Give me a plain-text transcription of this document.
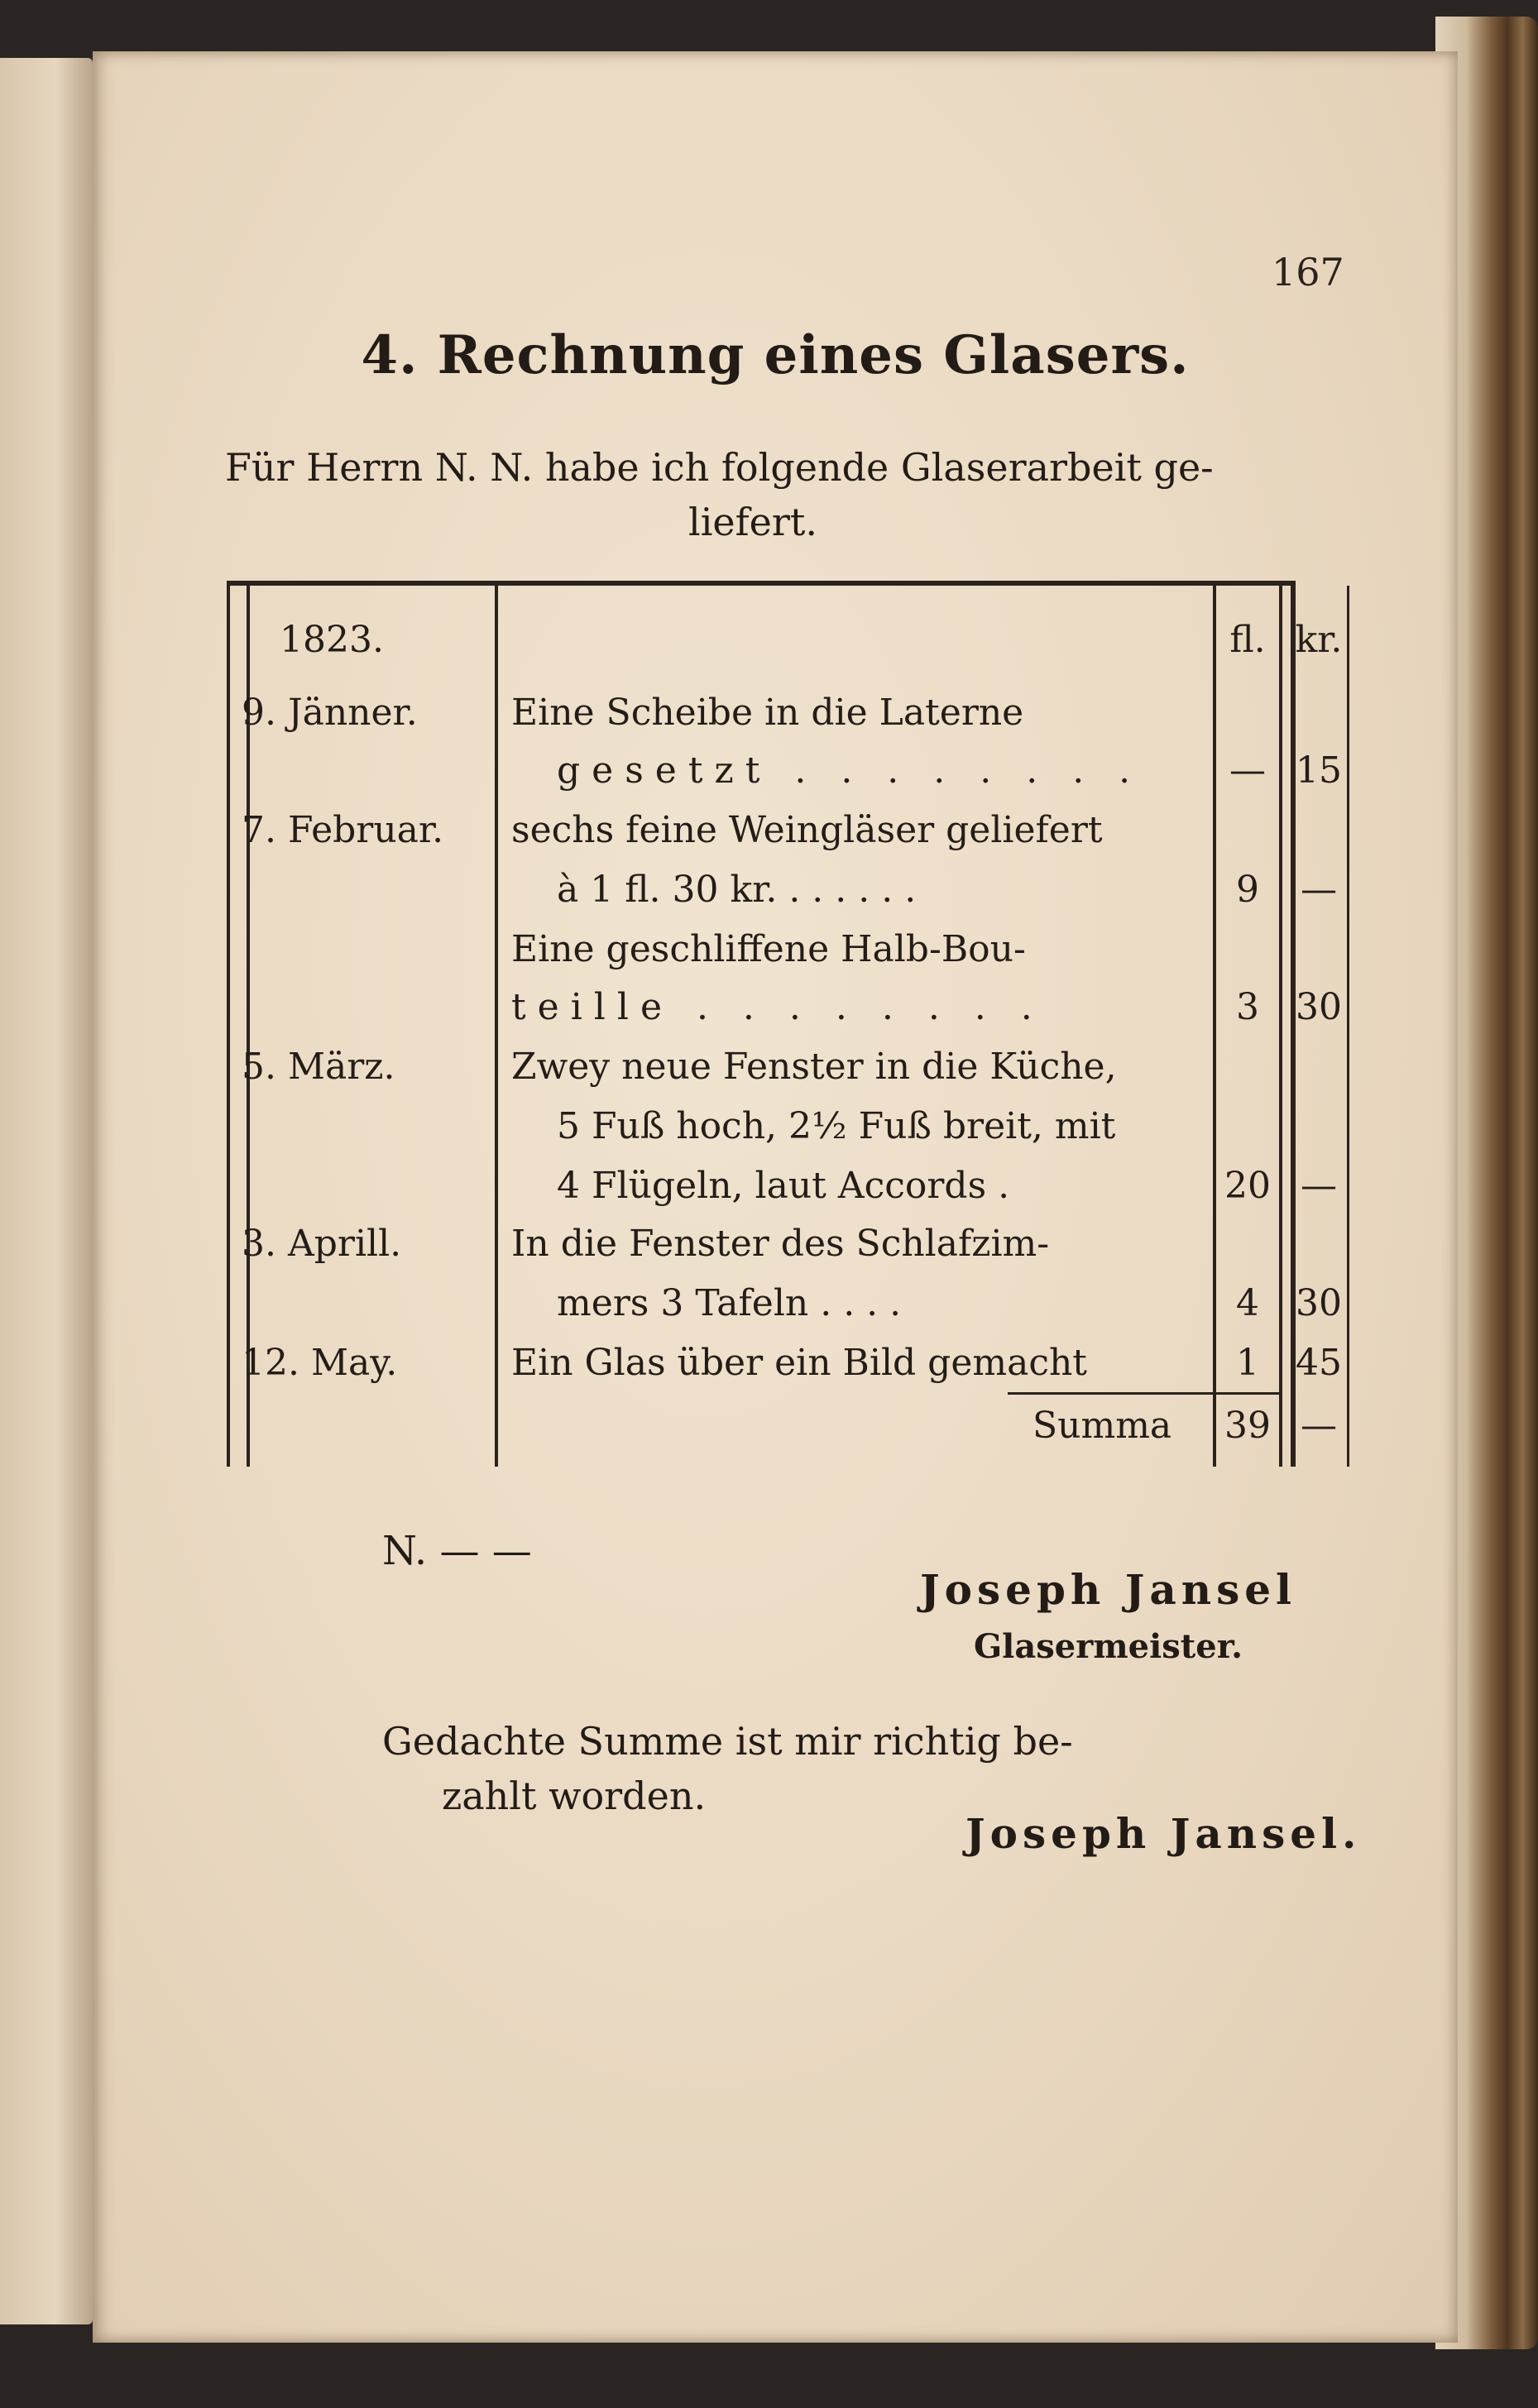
167
4. Rechnung eines Glasers.
Für Herrn N. N. habe ich folgende Glaserarbeit ge-
liefert.
1823.	fl. kr.
9. Jänner.	Eine Scheibe in die Laterne
gesetzt . . . . . . . .	— 15
7. Februar. sechs feine Weingläser geliefert
à 1 fl. 30 kr. . . . . . .	9	—
Eine geschliffene Halb-Bou-
teille . . . . . . . .	3	30
5. März.	Zwey neue Fenster in die Küche,
5 Fuß hoch, 2½ Fuß breit, mit
4 Flügeln, laut Accords .	20 —
3. Aprill.	In die Fenster des Schlafzim-
mers 3 Tafeln . . . .	4	30
12. May.	Ein Glas über ein Bild gemacht	1	45
Summa 39 —
N. — —
Joseph Jansel
Glasermeister.
Gedachte Summe ist mir richtig be-
zahlt worden.
Joseph Jansel.
